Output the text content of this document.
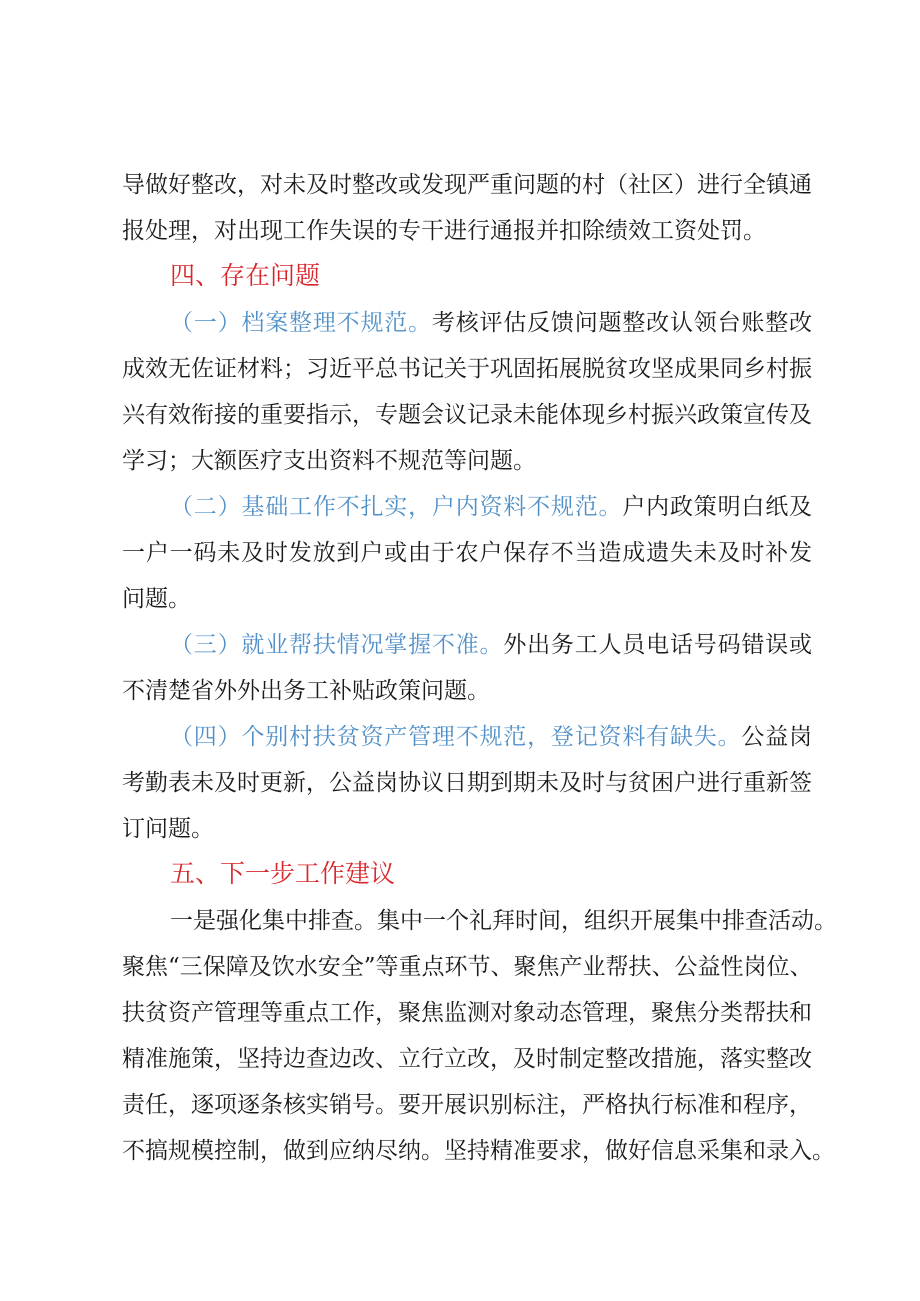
导做好整改，对未及时整改或发现严重问题的村（社区）进行全镇通
报处理，对出现工作失误的专干进行通报并扣除绩效工资处罚。
四、存在问题
（一）档案整理不规范。考核评估反馈问题整改认领台账整改
成效无佐证材料；习近平总书记关于巩固拓展脱贫攻坚成果同乡村振
兴有效衔接的重要指示，专题会议记录未能体现乡村振兴政策宣传及
学习；大额医疗支出资料不规范等问题。
（二）基础工作不扎实，户内资料不规范。户内政策明白纸及
一户一码未及时发放到户或由于农户保存不当造成遗失未及时补发
问题。
（三）就业帮扶情况掌握不准。外出务工人员电话号码错误或
不清楚省外外出务工补贴政策问题。
（四）个别村扶贫资产管理不规范，登记资料有缺失。公益岗
考勤表未及时更新，公益岗协议日期到期未及时与贫困户进行重新签
订问题。
五、下一步工作建议
一是强化集中排查。集中一个礼拜时间，组织开展集中排查活动。
聚焦“三保障及饮水安全”等重点环节、聚焦产业帮扶、公益性岗位、
扶贫资产管理等重点工作，聚焦监测对象动态管理，聚焦分类帮扶和
精准施策，坚持边查边改、立行立改，及时制定整改措施，落实整改
责任，逐项逐条核实销号。要开展识别标注，严格执行标准和程序，
不搞规模控制，做到应纳尽纳。坚持精准要求，做好信息采集和录入。
